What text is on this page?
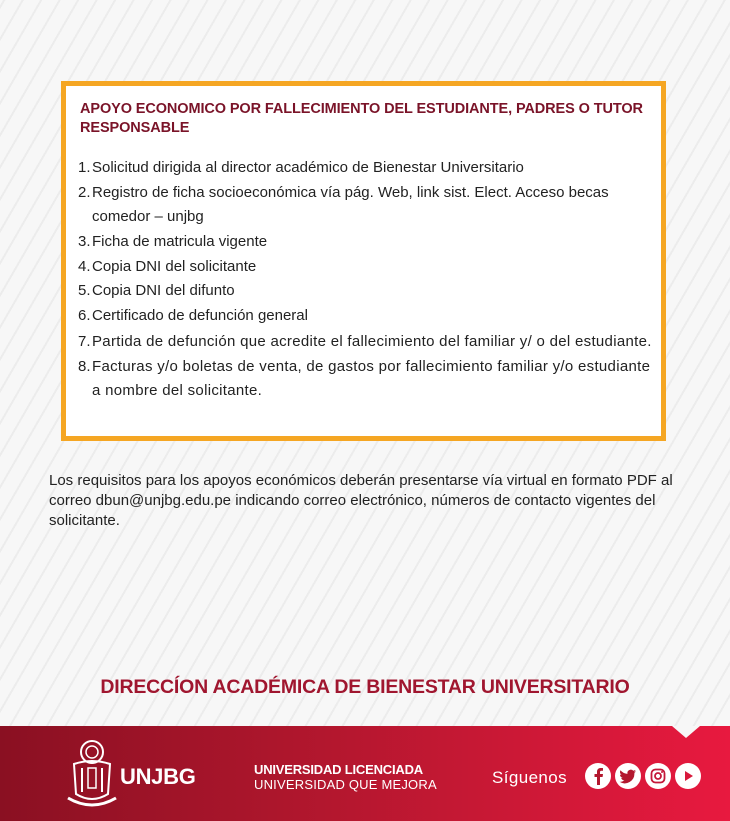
APOYO ECONOMICO POR FALLECIMIENTO DEL ESTUDIANTE, PADRES O TUTOR RESPONSABLE
1. Solicitud dirigida al director académico de Bienestar Universitario
2. Registro de ficha socioeconómica vía pág. Web, link sist. Elect. Acceso becas comedor – unjbg
3. Ficha de matricula vigente
4. Copia DNI del solicitante
5. Copia DNI del difunto
6. Certificado de defunción general
7. Partida de defunción que acredite el fallecimiento del familiar y/ o del estudiante.
8. Facturas y/o boletas de venta, de gastos por fallecimiento familiar y/o estudiante a nombre del solicitante.
Los requisitos para los apoyos económicos deberán presentarse vía virtual en formato PDF al correo dbun@unjbg.edu.pe indicando correo electrónico, números de contacto vigentes del solicitante.
DIRECCÍON ACADÉMICA DE BIENESTAR UNIVERSITARIO
UNJBG	UNIVERSIDAD LICENCIADA
UNIVERSIDAD QUE MEJORA	Síguenos
